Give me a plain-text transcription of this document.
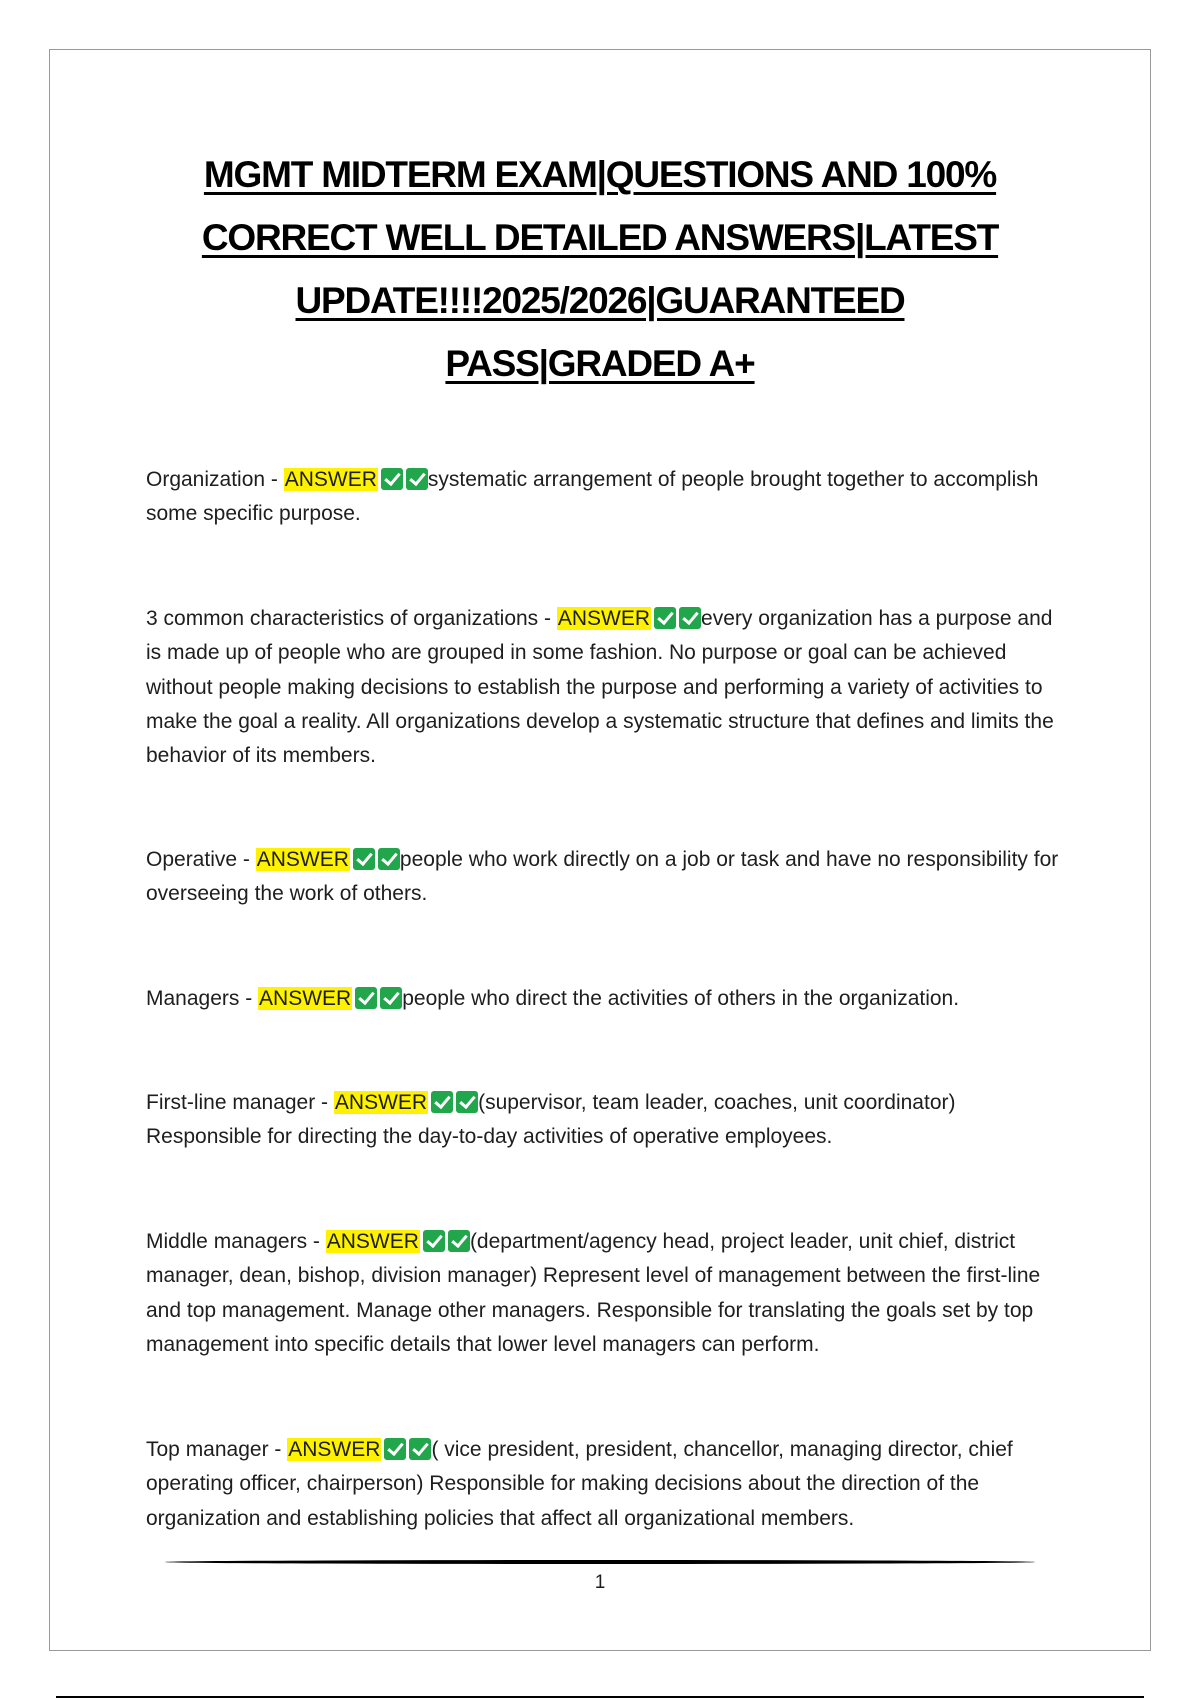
MGMT MIDTERM EXAM|QUESTIONS AND 100%
CORRECT WELL DETAILED ANSWERS|LATEST
UPDATE!!!!2025/2026|GUARANTEED
PASS|GRADED A+
Organization - ANSWER systematic arrangement of people brought together to accomplish some specific purpose.
3 common characteristics of organizations - ANSWER every organization has a purpose and is made up of people who are grouped in some fashion. No purpose or goal can be achieved without people making decisions to establish the purpose and performing a variety of activities to make the goal a reality. All organizations develop a systematic structure that defines and limits the behavior of its members.
Operative - ANSWER people who work directly on a job or task and have no responsibility for overseeing the work of others.
Managers - ANSWER people who direct the activities of others in the organization.
First-line manager - ANSWER (supervisor, team leader, coaches, unit coordinator) Responsible for directing the day-to-day activities of operative employees.
Middle managers - ANSWER (department/agency head, project leader, unit chief, district manager, dean, bishop, division manager) Represent level of management between the first-line and top management. Manage other managers. Responsible for translating the goals set by top management into specific details that lower level managers can perform.
Top manager - ANSWER ( vice president, president, chancellor, managing director, chief operating officer, chairperson) Responsible for making decisions about the direction of the organization and establishing policies that affect all organizational members.
1
